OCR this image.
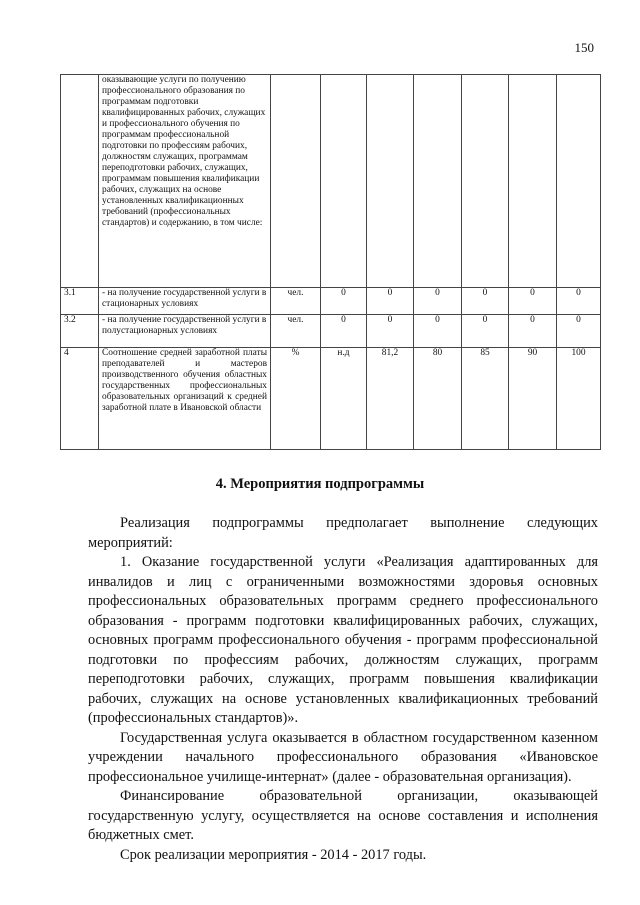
150
	оказывающие услуги по получению профессионального образования по программам подготовки квалифицированных рабочих, служащих и профессионального обучения по программам профессиональной подготовки по профессиям рабочих, должностям служащих, программам переподготовки рабочих, служащих, программам повышения квалификации рабочих, служащих на основе установленных квалификационных требований (профессиональных стандартов) и содержанию, в том числе:							
3.1	- на получение государственной услуги в стационарных условиях	чел.	0	0	0	0	0	0
3.2	- на получение государственной услуги в полустационарных условиях	чел.	0	0	0	0	0	0
4	Соотношение средней заработной платы преподавателей и мастеров производственного обучения областных государственных профессиональных образовательных организаций к средней заработной плате в Ивановской области	%	н.д	81,2	80	85	90	100
4. Мероприятия подпрограммы

Реализация подпрограммы предполагает выполнение следующих мероприятий:

1. Оказание государственной услуги «Реализация адаптированных для инвалидов и лиц с ограниченными возможностями здоровья основных профессиональных образовательных программ среднего профессионального образования - программ подготовки квалифицированных рабочих, служащих, основных программ профессионального обучения - программ профессиональной подготовки по профессиям рабочих, должностям служащих, программ переподготовки рабочих, служащих, программ повышения квалификации рабочих, служащих на основе установленных квалификационных требований (профессиональных стандартов)».

Государственная услуга оказывается в областном государственном казенном учреждении начального профессионального образования «Ивановское профессиональное училище-интернат» (далее - образовательная организация).

Финансирование образовательной организации, оказывающей государственную услугу, осуществляется на основе составления и исполнения бюджетных смет.

Срок реализации мероприятия - 2014 - 2017 годы.
